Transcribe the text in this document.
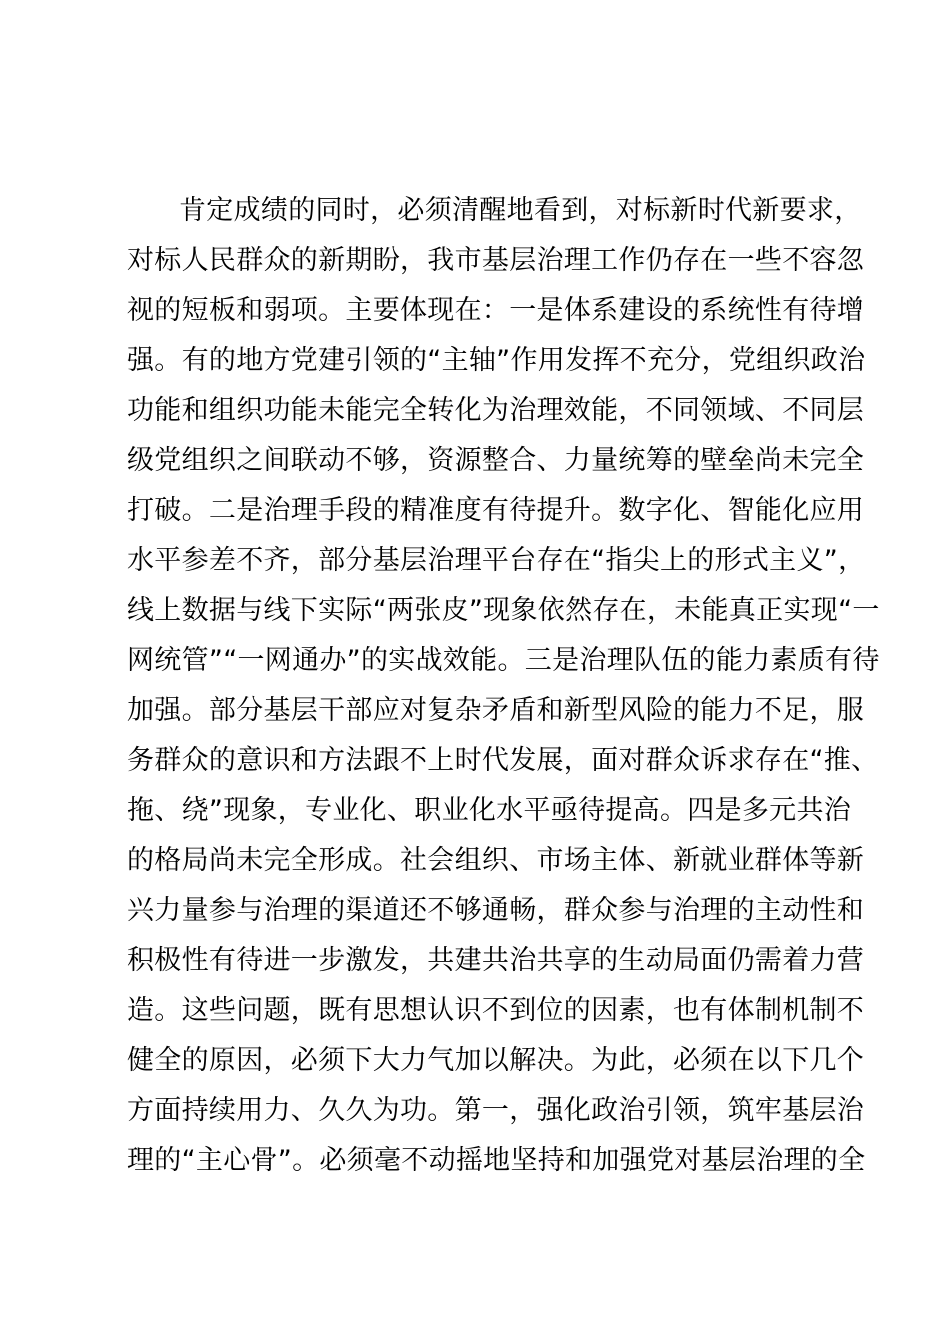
肯定成绩的同时，必须清醒地看到，对标新时代新要求，
对标人民群众的新期盼，我市基层治理工作仍存在一些不容忽
视的短板和弱项。主要体现在：一是体系建设的系统性有待增
强。有的地方党建引领的“主轴”作用发挥不充分，党组织政治
功能和组织功能未能完全转化为治理效能，不同领域、不同层
级党组织之间联动不够，资源整合、力量统筹的壁垒尚未完全
打破。二是治理手段的精准度有待提升。数字化、智能化应用
水平参差不齐，部分基层治理平台存在“指尖上的形式主义”，
线上数据与线下实际“两张皮”现象依然存在，未能真正实现“一
网统管”“一网通办”的实战效能。三是治理队伍的能力素质有待
加强。部分基层干部应对复杂矛盾和新型风险的能力不足，服
务群众的意识和方法跟不上时代发展，面对群众诉求存在“推、
拖、绕”现象，专业化、职业化水平亟待提高。四是多元共治
的格局尚未完全形成。社会组织、市场主体、新就业群体等新
兴力量参与治理的渠道还不够通畅，群众参与治理的主动性和
积极性有待进一步激发，共建共治共享的生动局面仍需着力营
造。这些问题，既有思想认识不到位的因素，也有体制机制不
健全的原因，必须下大力气加以解决。为此，必须在以下几个
方面持续用力、久久为功。第一，强化政治引领，筑牢基层治
理的“主心骨”。必须毫不动摇地坚持和加强党对基层治理的全
